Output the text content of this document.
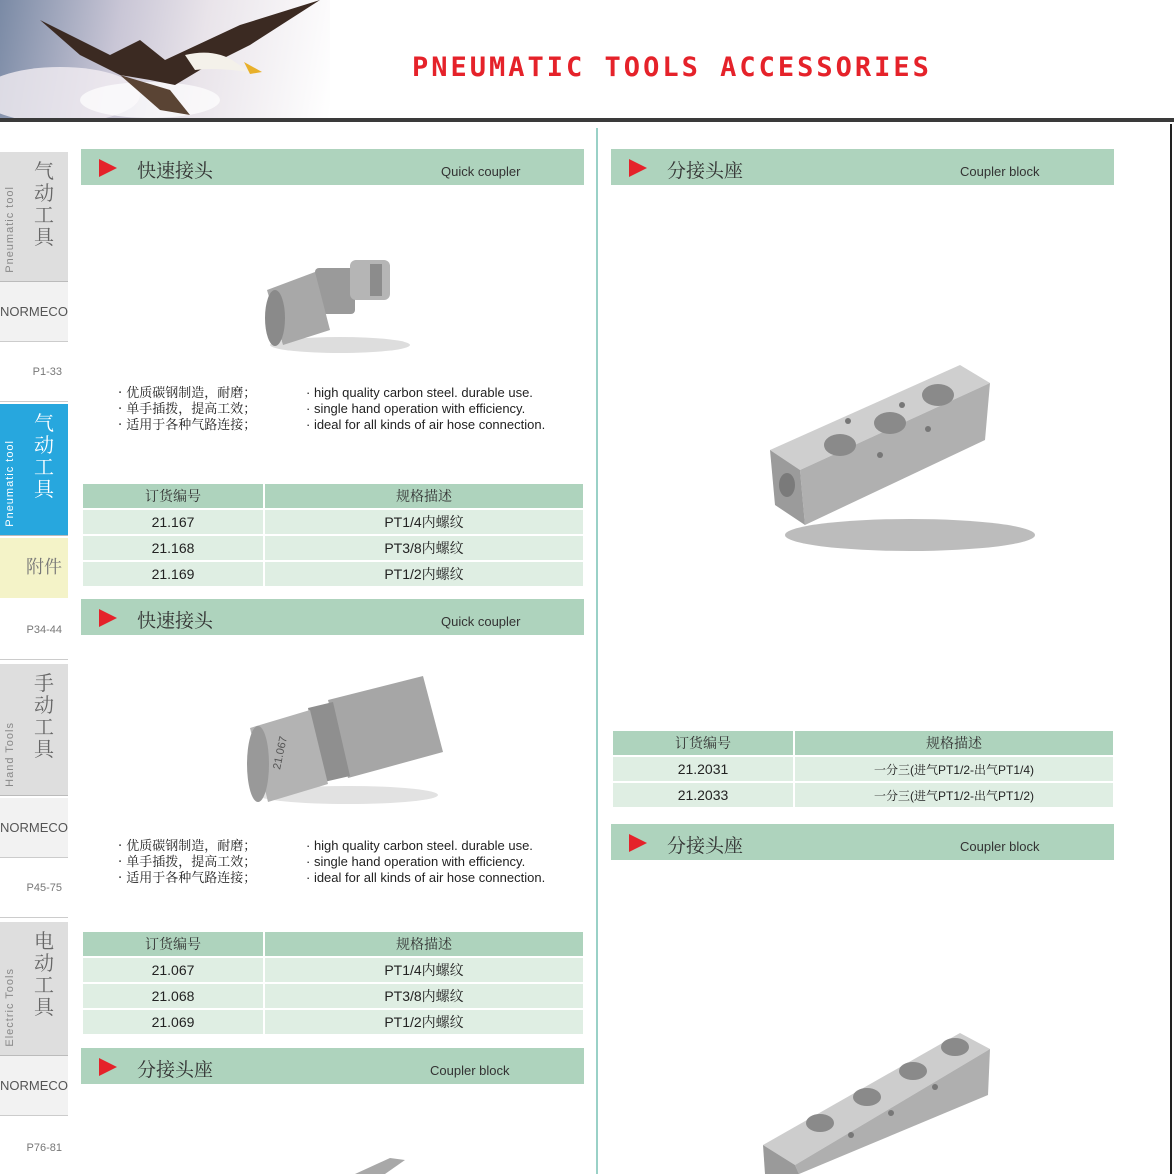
PNEUMATIC TOOLS ACCESSORIES
Pneumatic tool
气动工具
NORMECO
P1-33
Pneumatic tool
气动工具
附件
P34-44
Hand Tools
手动工具
NORMECO
P45-75
Electric Tools
电动工具
NORMECO
P76-81
快速接头	Quick coupler
· 优质碳钢制造，耐磨；	· high quality carbon steel. durable use.
· 单手插拨，提高工效；	· single hand operation with efficiency.
· 适用于各种气路连接；	· ideal for all kinds of air hose connection.
订货编号	规格描述
21.167	PT1/4内螺纹
21.168	PT3/8内螺纹
21.169	PT1/2内螺纹
快速接头	Quick coupler
21.067
· 优质碳钢制造，耐磨；	· high quality carbon steel. durable use.
· 单手插拨，提高工效；	· single hand operation with efficiency.
· 适用于各种气路连接；	· ideal for all kinds of air hose connection.
订货编号	规格描述
21.067	PT1/4内螺纹
21.068	PT3/8内螺纹
21.069	PT1/2内螺纹
分接头座	Coupler block
分接头座	Coupler block
订货编号	规格描述
21.2031	一分三(进气PT1/2-出气PT1/4)
21.2033	一分三(进气PT1/2-出气PT1/2)
分接头座	Coupler block
